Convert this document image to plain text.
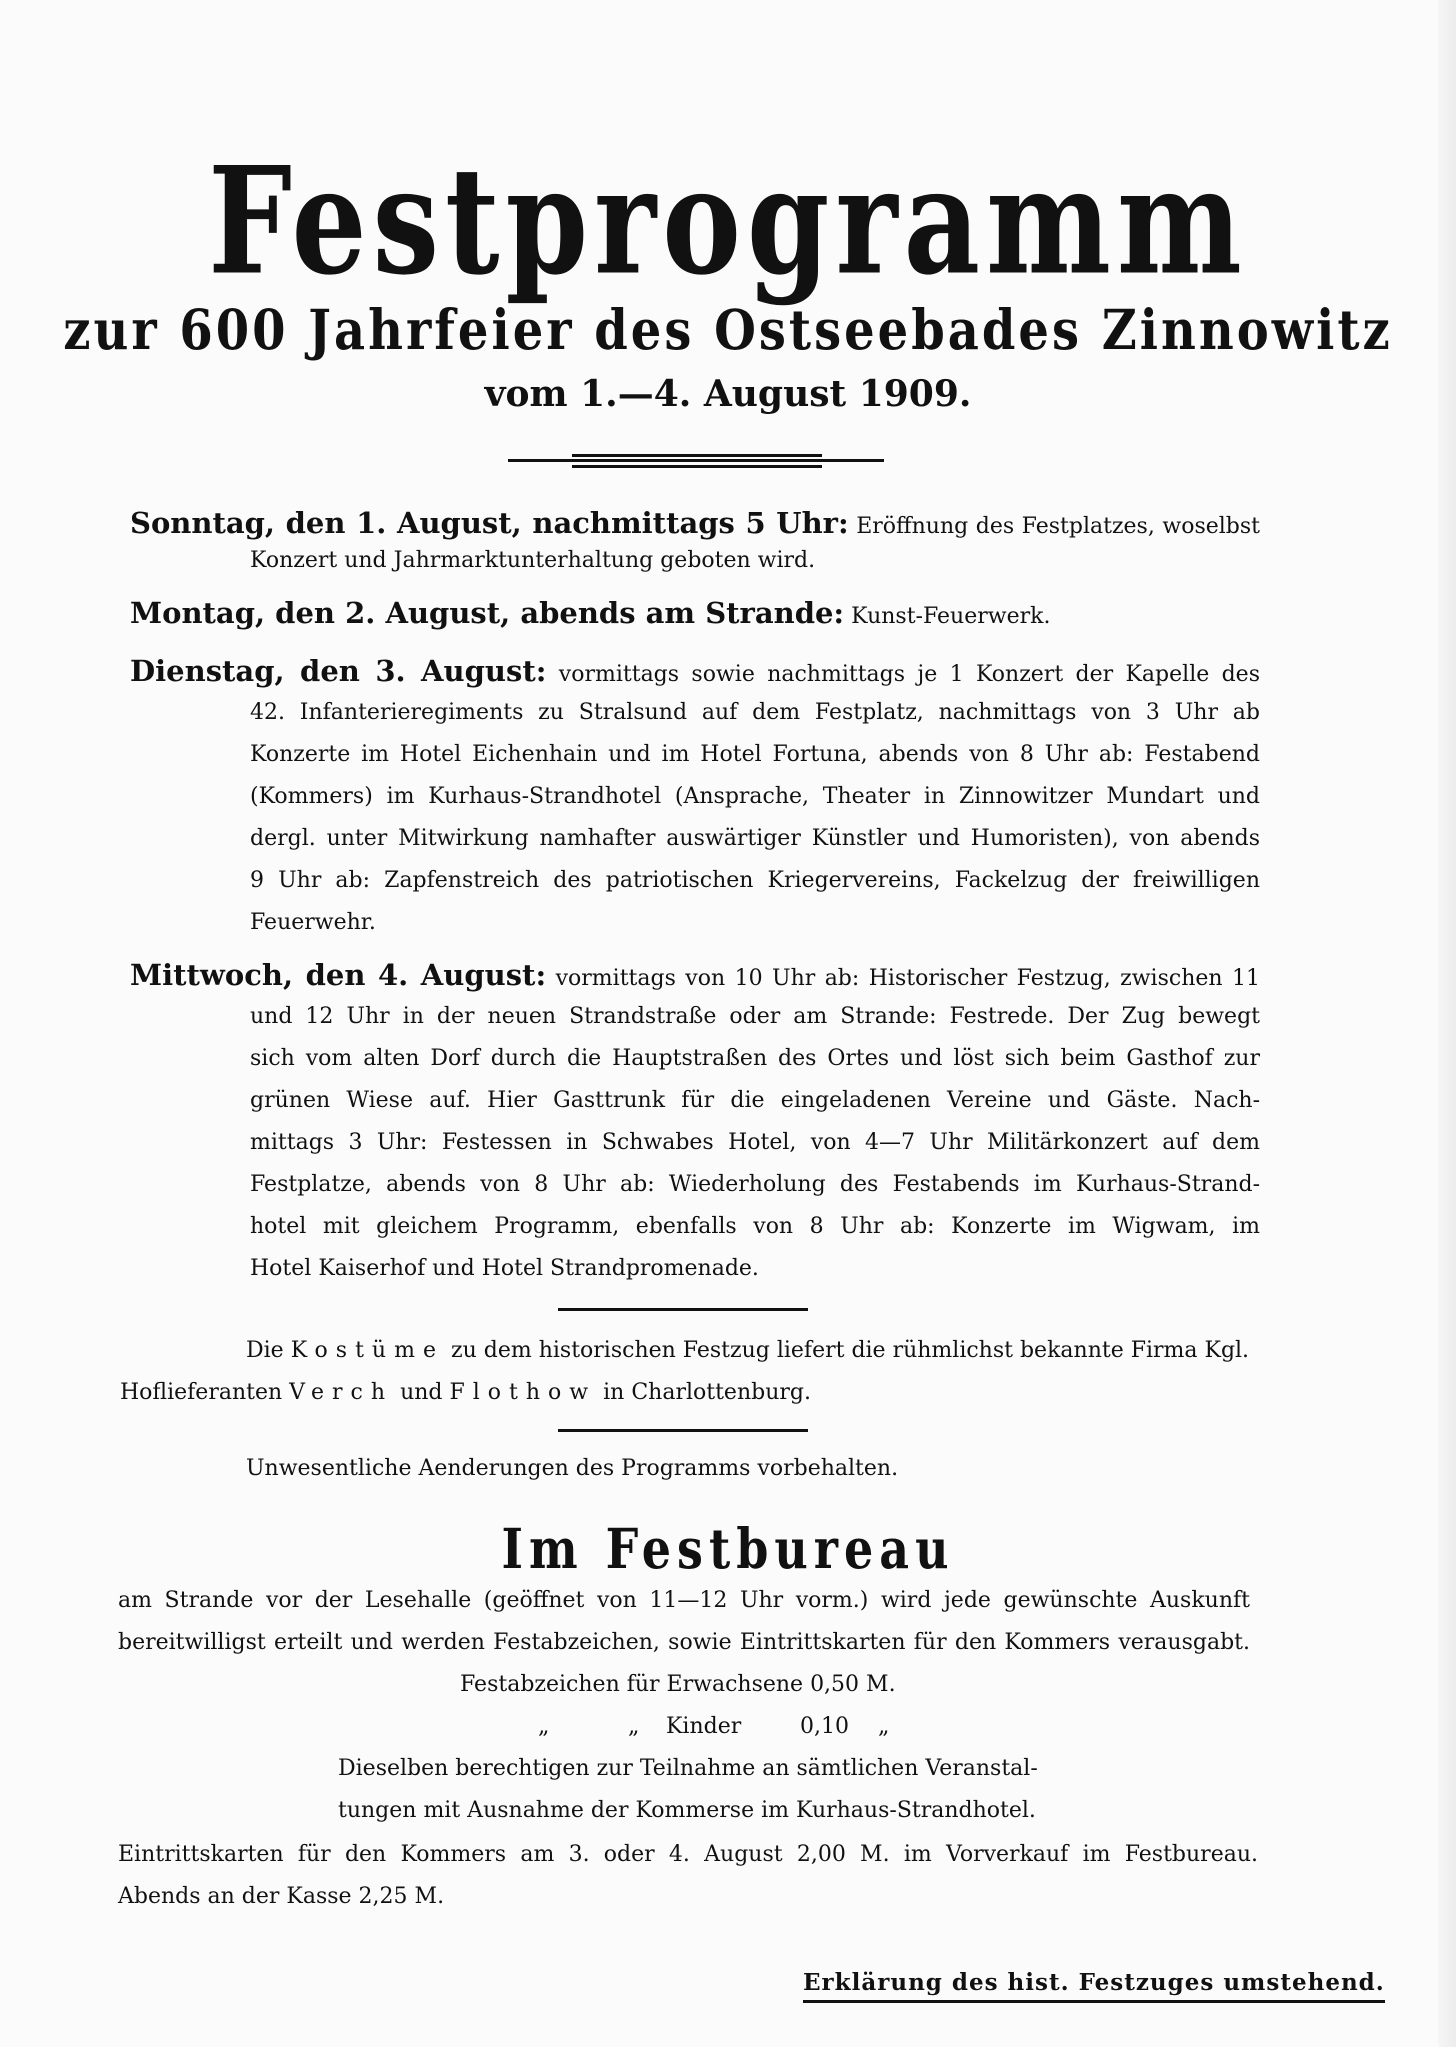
Festprogramm
zur 600 Jahrfeier des Ostseebades Zinnowitz
vom 1.—4. August 1909.
Sonntag, den 1. August, nachmittags 5 Uhr: Eröffnung des Festplatzes, woselbst
Konzert und Jahrmarktunterhaltung geboten wird.
Montag, den 2. August, abends am Strande: Kunst-Feuerwerk.
Dienstag, den 3. August: vormittags sowie nachmittags je 1 Konzert der Kapelle des
42. Infanterieregiments zu Stralsund auf dem Festplatz, nachmittags von 3 Uhr ab
Konzerte im Hotel Eichenhain und im Hotel Fortuna, abends von 8 Uhr ab: Festabend
(Kommers) im Kurhaus-Strandhotel (Ansprache, Theater in Zinnowitzer Mundart und
dergl. unter Mitwirkung namhafter auswärtiger Künstler und Humoristen), von abends
9 Uhr ab: Zapfenstreich des patriotischen Kriegervereins, Fackelzug der freiwilligen
Feuerwehr.
Mittwoch, den 4. August: vormittags von 10 Uhr ab: Historischer Festzug, zwischen 11
und 12 Uhr in der neuen Strandstraße oder am Strande: Festrede. Der Zug bewegt
sich vom alten Dorf durch die Hauptstraßen des Ortes und löst sich beim Gasthof zur
grünen Wiese auf. Hier Gasttrunk für die eingeladenen Vereine und Gäste. Nach-
mittags 3 Uhr: Festessen in Schwabes Hotel, von 4—7 Uhr Militärkonzert auf dem
Festplatze, abends von 8 Uhr ab: Wiederholung des Festabends im Kurhaus-Strand-
hotel mit gleichem Programm, ebenfalls von 8 Uhr ab: Konzerte im Wigwam, im
Hotel Kaiserhof und Hotel Strandpromenade.
Die Kostüme zu dem historischen Festzug liefert die rühmlichst bekannte Firma Kgl.
Hoflieferanten Verch und Flothow in Charlottenburg.
Unwesentliche Aenderungen des Programms vorbehalten.
Im Festbureau
am Strande vor der Lesehalle (geöffnet von 11—12 Uhr vorm.) wird jede gewünschte Auskunft
bereitwilligst erteilt und werden Festabzeichen, sowie Eintrittskarten für den Kommers verausgabt.
Festabzeichen für Erwachsene 0,50 M.
„	„ Kinder	0,10 „
Dieselben berechtigen zur Teilnahme an sämtlichen Veranstal-
tungen mit Ausnahme der Kommerse im Kurhaus-Strandhotel.
Eintrittskarten für den Kommers am 3. oder 4. August 2,00 M. im Vorverkauf im Festbureau.
Abends an der Kasse 2,25 M.
Erklärung des hist. Festzuges umstehend.
